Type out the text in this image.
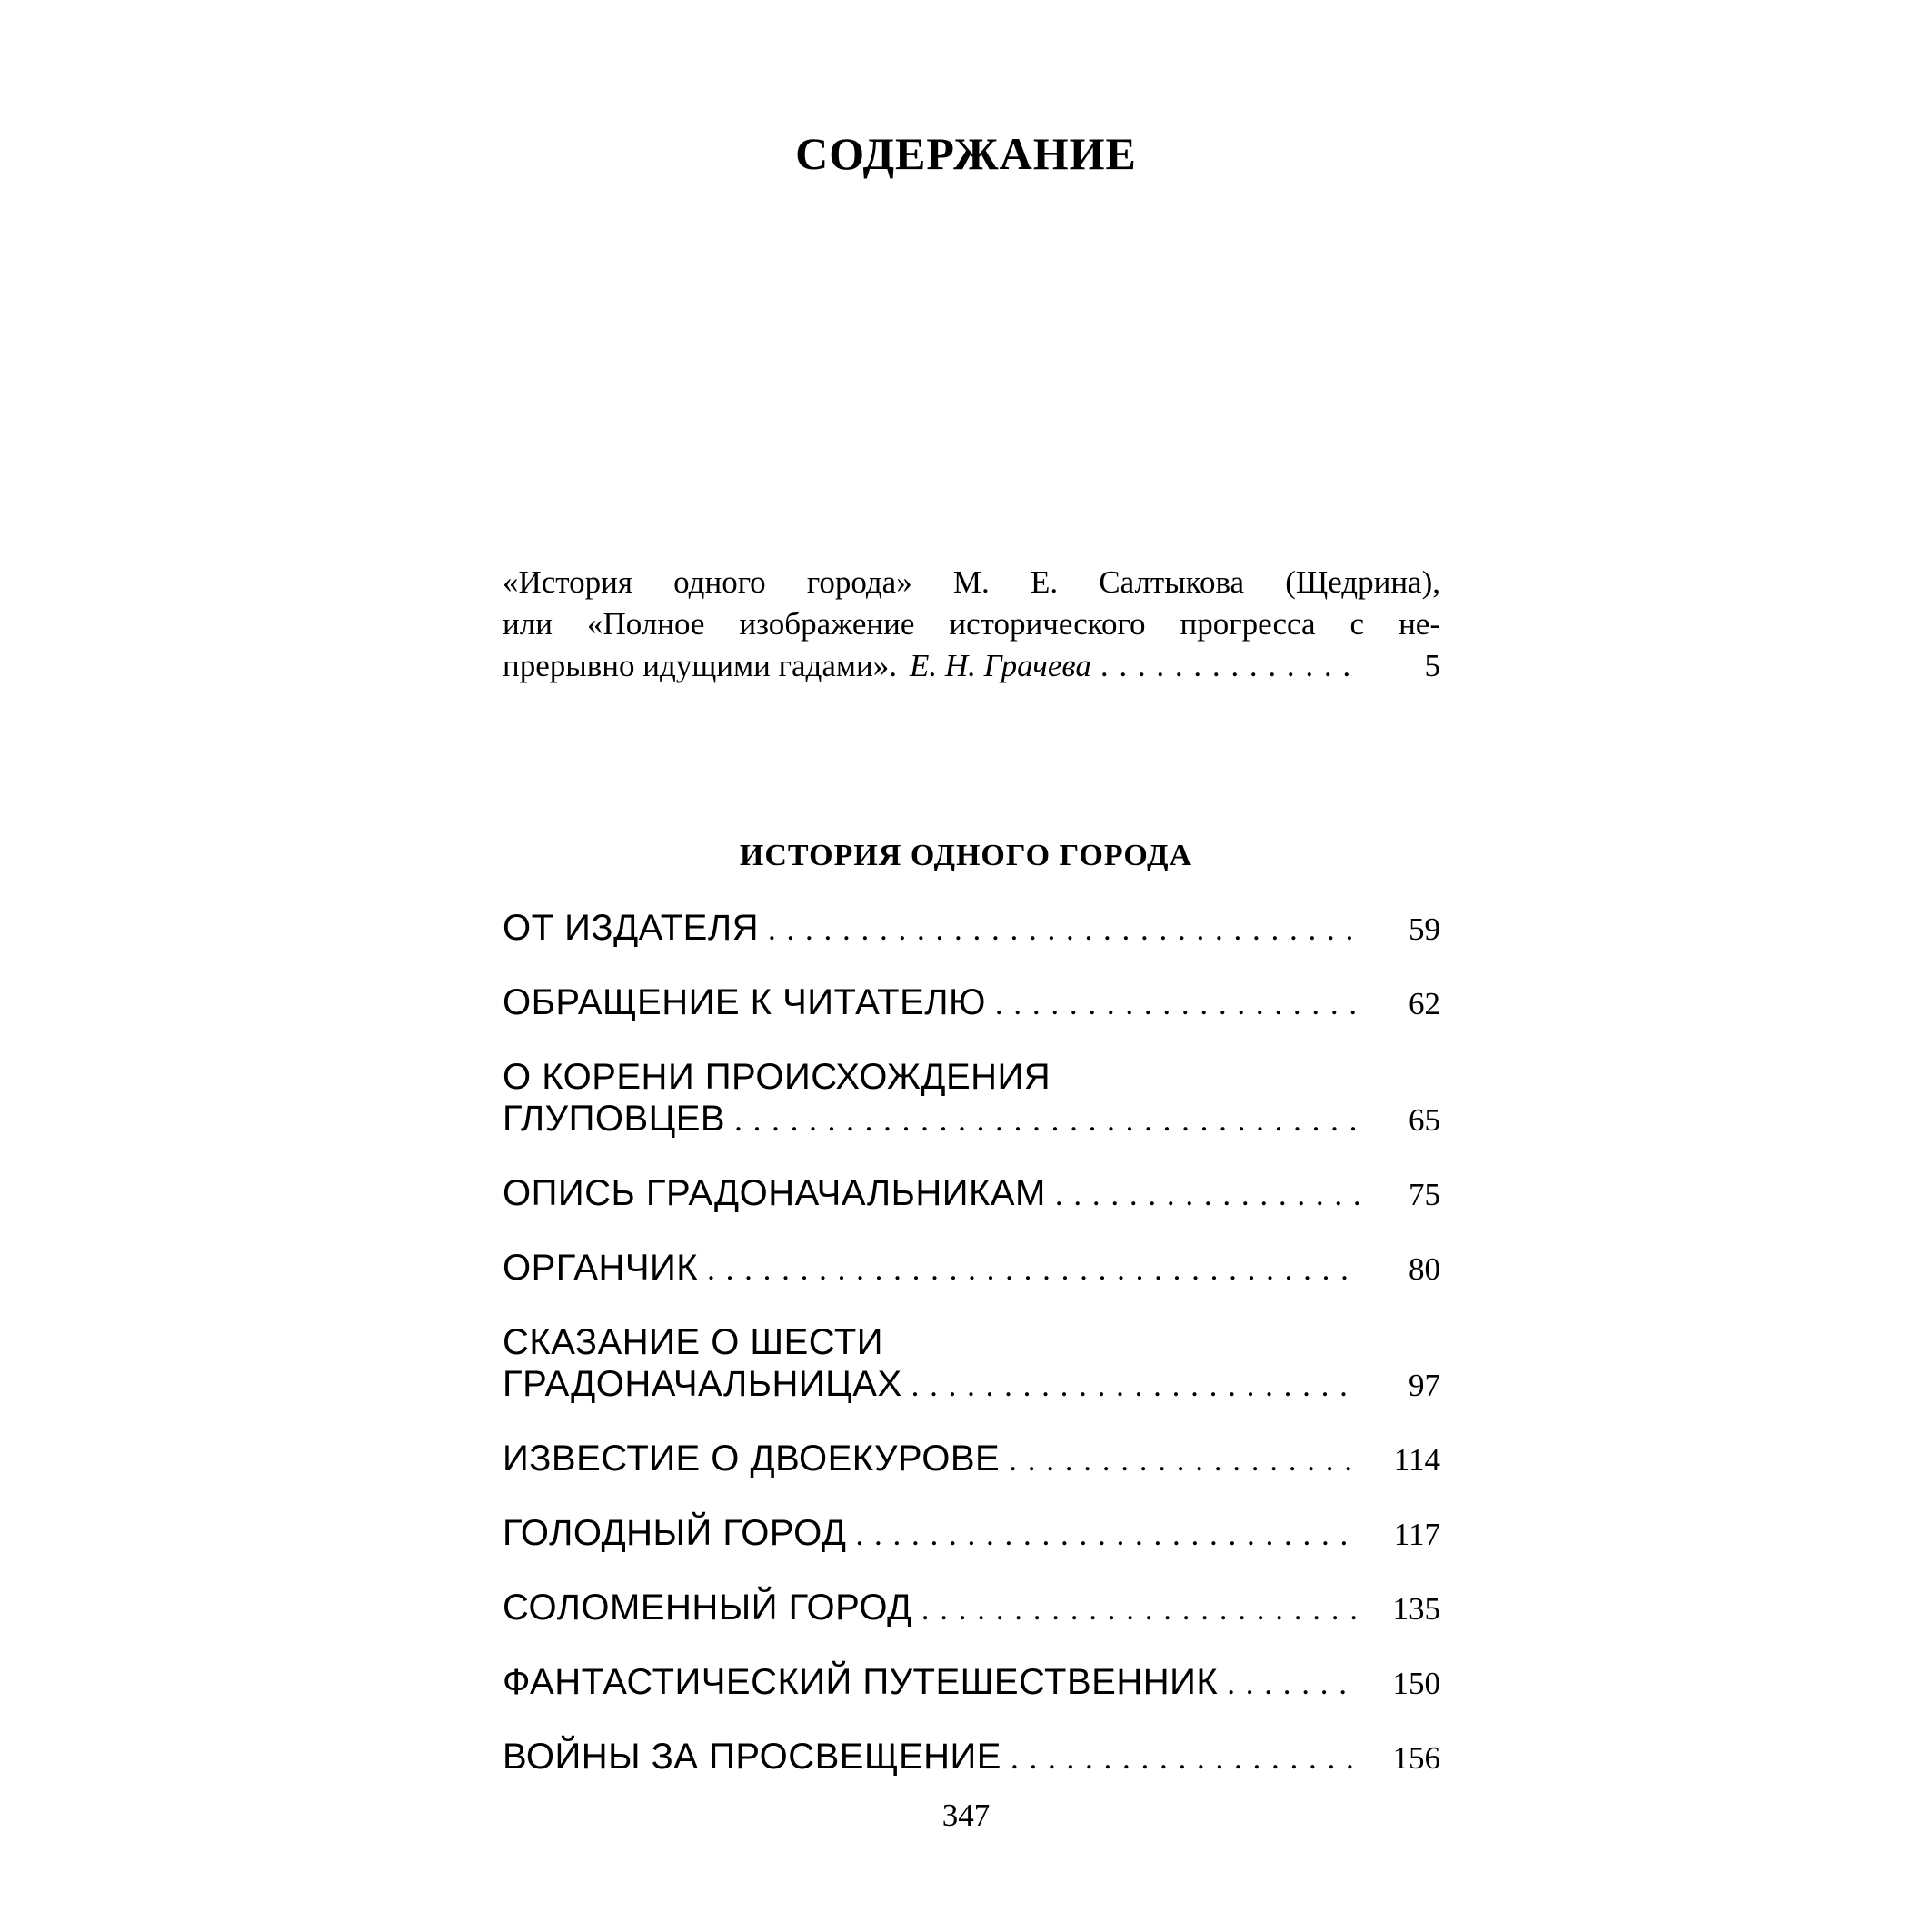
СОДЕРЖАНИЕ
«История одного города» М. Е. Салтыкова (Щедрина),
или «Полное изображение исторического прогресса с не-
прерывно идущими гадами». Е. Н. Грачева . . .	5
ИСТОРИЯ ОДНОГО ГОРОДА
ОТ ИЗДАТЕЛЯ . . .	59
ОБРАЩЕНИЕ К ЧИТАТЕЛЮ . . .	62
О КОРЕНИ ПРОИСХОЖДЕНИЯ
ГЛУПОВЦЕВ . . .	65
ОПИСЬ ГРАДОНАЧАЛЬНИКАМ . . .	75
ОРГАНЧИК . . .	80
СКАЗАНИЕ О ШЕСТИ
ГРАДОНАЧАЛЬНИЦАХ . . .	97
ИЗВЕСТИЕ О ДВОЕКУРОВЕ . . .	114
ГОЛОДНЫЙ ГОРОД . . .	117
СОЛОМЕННЫЙ ГОРОД . . .	135
ФАНТАСТИЧЕСКИЙ ПУТЕШЕСТВЕННИК . . .	150
ВОЙНЫ ЗА ПРОСВЕЩЕНИЕ . . .	156
347
